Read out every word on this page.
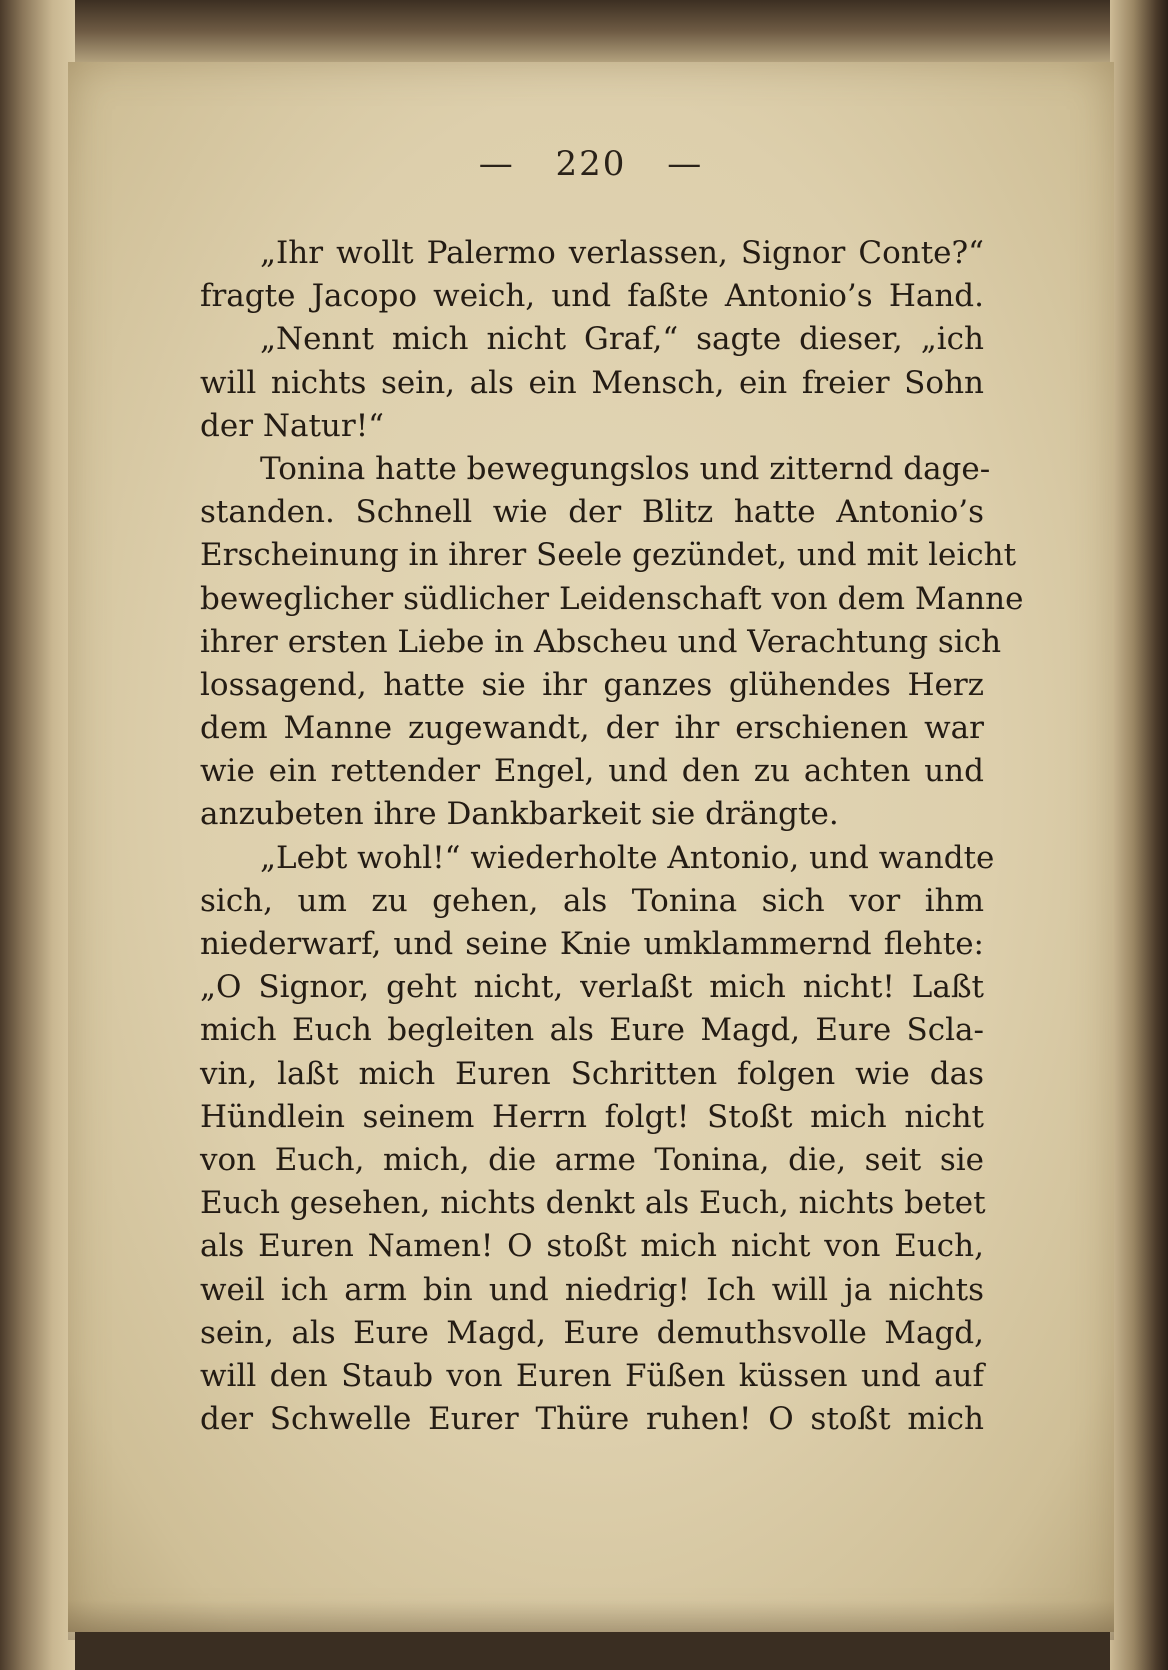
— 220 —
„Ihr wollt Palermo verlassen, Signor Conte?“
fragte Jacopo weich, und faßte Antonio’s Hand.
„Nennt mich nicht Graf,“ sagte dieser, „ich
will nichts sein, als ein Mensch, ein freier Sohn
der Natur!“
Tonina hatte bewegungslos und zitternd dage-
standen. Schnell wie der Blitz hatte Antonio’s
Erscheinung in ihrer Seele gezündet, und mit leicht
beweglicher südlicher Leidenschaft von dem Manne
ihrer ersten Liebe in Abscheu und Verachtung sich
lossagend, hatte sie ihr ganzes glühendes Herz
dem Manne zugewandt, der ihr erschienen war
wie ein rettender Engel, und den zu achten und
anzubeten ihre Dankbarkeit sie drängte.
„Lebt wohl!“ wiederholte Antonio, und wandte
sich, um zu gehen, als Tonina sich vor ihm
niederwarf, und seine Knie umklammernd flehte:
„O Signor, geht nicht, verlaßt mich nicht! Laßt
mich Euch begleiten als Eure Magd, Eure Scla-
vin, laßt mich Euren Schritten folgen wie das
Hündlein seinem Herrn folgt! Stoßt mich nicht
von Euch, mich, die arme Tonina, die, seit sie
Euch gesehen, nichts denkt als Euch, nichts betet
als Euren Namen! O stoßt mich nicht von Euch,
weil ich arm bin und niedrig! Ich will ja nichts
sein, als Eure Magd, Eure demuthsvolle Magd,
will den Staub von Euren Füßen küssen und auf
der Schwelle Eurer Thüre ruhen! O stoßt mich
